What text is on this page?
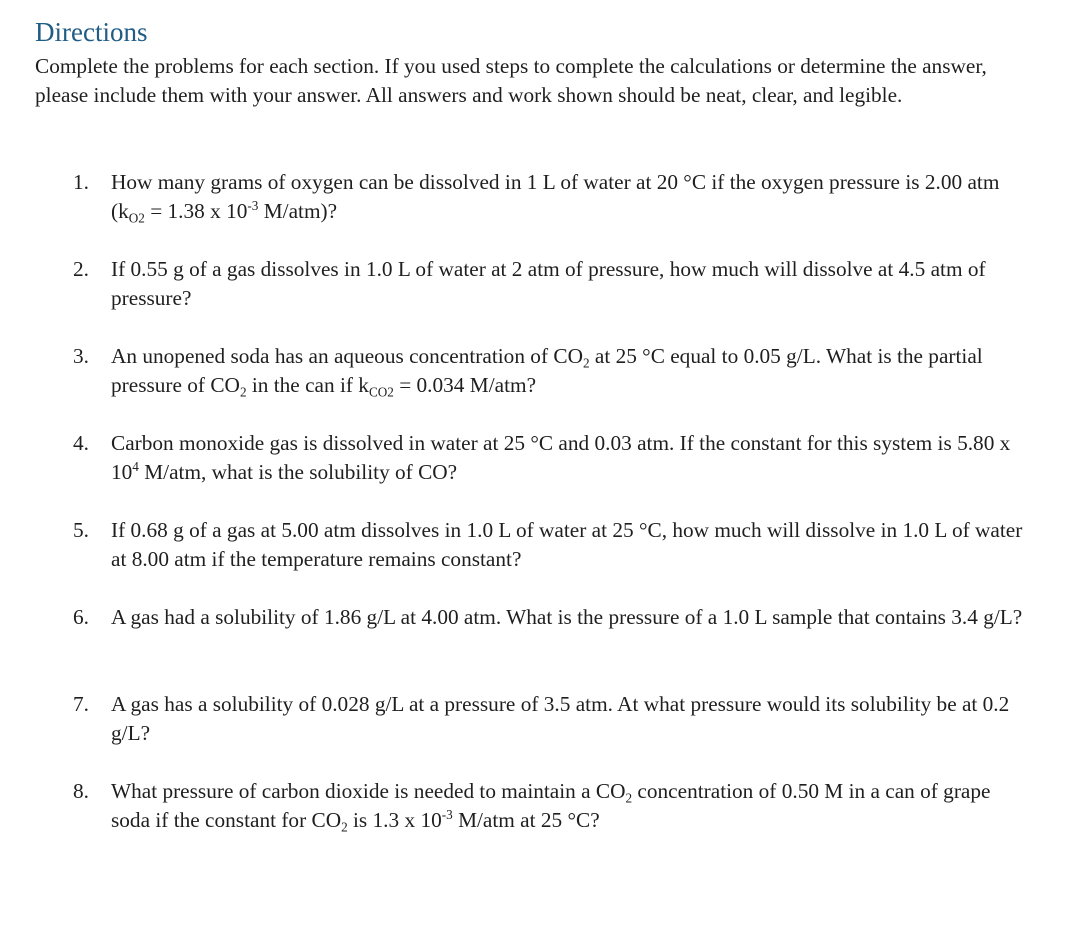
Directions

Complete the problems for each section. If you used steps to complete the calculations or determine the answer, please include them with your answer. All answers and work shown should be neat, clear, and legible.

1. How many grams of oxygen can be dissolved in 1 L of water at 20 °C if the oxygen pressure is 2.00 atm ($k_{O2} = 1.38$ x $10^{-3}$ M/atm)?
2. If 0.55 g of a gas dissolves in 1.0 L of water at 2 atm of pressure, how much will dissolve at 4.5 atm of pressure?
3. An unopened soda has an aqueous concentration of $CO_2$ at 25 °C equal to 0.05 g/L. What is the partial pressure of $CO_2$ in the can if $k_{CO2} = 0.034$ M/atm?
4. Carbon monoxide gas is dissolved in water at 25 °C and 0.03 atm. If the constant for this system is 5.80 x $10^4$ M/atm, what is the solubility of CO?
5. If 0.68 g of a gas at 5.00 atm dissolves in 1.0 L of water at 25 °C, how much will dissolve in 1.0 L of water at 8.00 atm if the temperature remains constant?
6. A gas had a solubility of 1.86 g/L at 4.00 atm. What is the pressure of a 1.0 L sample that contains 3.4 g/L?
7. A gas has a solubility of 0.028 g/L at a pressure of 3.5 atm. At what pressure would its solubility be at 0.2 g/L?
8. What pressure of carbon dioxide is needed to maintain a $CO_2$ concentration of 0.50 M in a can of grape soda if the constant for $CO_2$ is 1.3 x $10^{-3}$ M/atm at 25 °C?
